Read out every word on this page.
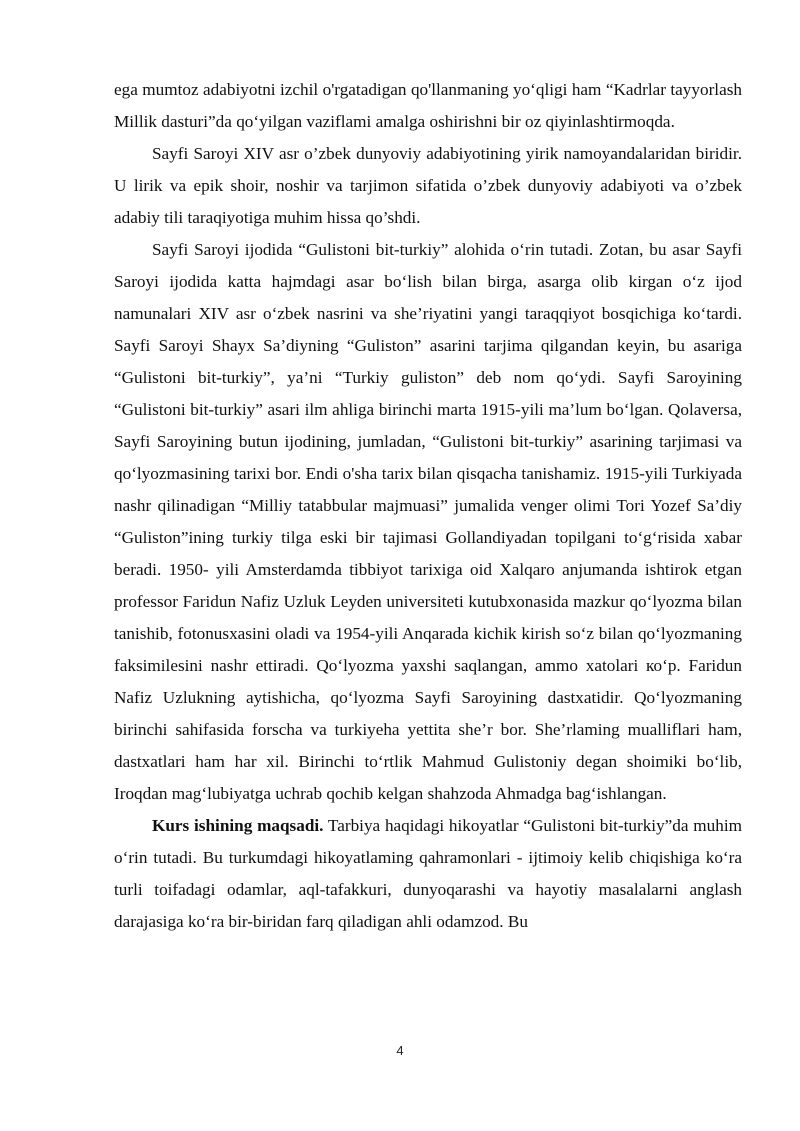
ega mumtoz adabiyotni izchil o'rgatadigan qo'llanmaning yoʻqligi ham “Kadrlar tayyorlash Millik dasturi”da qoʻyilgan vaziflami amalga oshirishni bir oz qiyinlashtirmoqda.

Sayfi Saroyi XIV asr o’zbek dunyoviy adabiyotining yirik namoyandalaridan biridir. U lirik va epik shoir, noshir va tarjimon sifatida o’zbek dunyoviy adabiyoti va o’zbek adabiy tili taraqiyotiga muhim hissa qo’shdi.

Sayfi Saroyi ijodida “Gulistoni bit-turkiy” alohida oʻrin tutadi. Zotan, bu asar Sayfi Saroyi ijodida katta hajmdagi asar boʻlish bilan birga, asarga olib kirgan oʻz ijod namunalari XIV asr oʻzbek nasrini va she’riyatini yangi taraqqiyot bosqichiga koʻtardi. Sayfi Saroyi Shayx Sa’diyning “Guliston” asarini tarjima qilgandan keyin, bu asariga “Gulistoni bit-turkiy”, ya’ni “Turkiy guliston” deb nom qoʻydi. Sayfi Saroyining “Gulistoni bit-turkiy” asari ilm ahliga birinchi marta 1915-yili ma’lum boʻlgan. Qolaversa, Sayfi Saroyining butun ijodining, jumladan, “Gulistoni bit-turkiy” asarining tarjimasi va qoʻlyozmasining tarixi bor. Endi o'sha tarix bilan qisqacha tanishamiz. 1915-yili Turkiyada nashr qilinadigan “Milliy tatabbular majmuasi” jumalida venger olimi Tori Yozef Sa’diy “Guliston”ining turkiy tilga eski bir tajimasi Gollandiyadan topilgani toʻgʻrisida xabar beradi. 1950- yili Amsterdamda tibbiyot tarixiga oid Xalqaro anjumanda ishtirok etgan professor Faridun Nafiz Uzluk Leyden universiteti kutubxonasida mazkur qoʻlyozma bilan tanishib, fotonusxasini oladi va 1954-yili Anqarada kichik kirish soʻz bilan qoʻlyozmaning faksimilesini nashr ettiradi. Qoʻlyozma yaxshi saqlangan, ammo xatolari коʻp. Faridun Nafiz Uzlukning aytishicha, qoʻlyozma Sayfi Saroyining dastxatidir. Qoʻlyozmaning birinchi sahifasida forscha va turkiyeha yettita she’r bor. She’rlaming mualliflari ham, dastxatlari ham har xil. Birinchi toʻrtlik Mahmud Gulistoniy degan shoimiki boʻlib, Iroqdan magʻlubiyatga uchrab qochib kelgan shahzoda Ahmadga bagʻishlangan.

Kurs ishining maqsadi. Tarbiya haqidagi hikoyatlar “Gulistoni bit-turkiy”da muhim oʻrin tutadi. Bu turkumdagi hikoyatlaming qahramonlari - ijtimoiy kelib chiqishiga koʻra turli toifadagi odamlar, aql-tafakkuri, dunyoqarashi va hayotiy masalalarni anglash darajasiga koʻra bir-biridan farq qiladigan ahli odamzod. Bu

4
